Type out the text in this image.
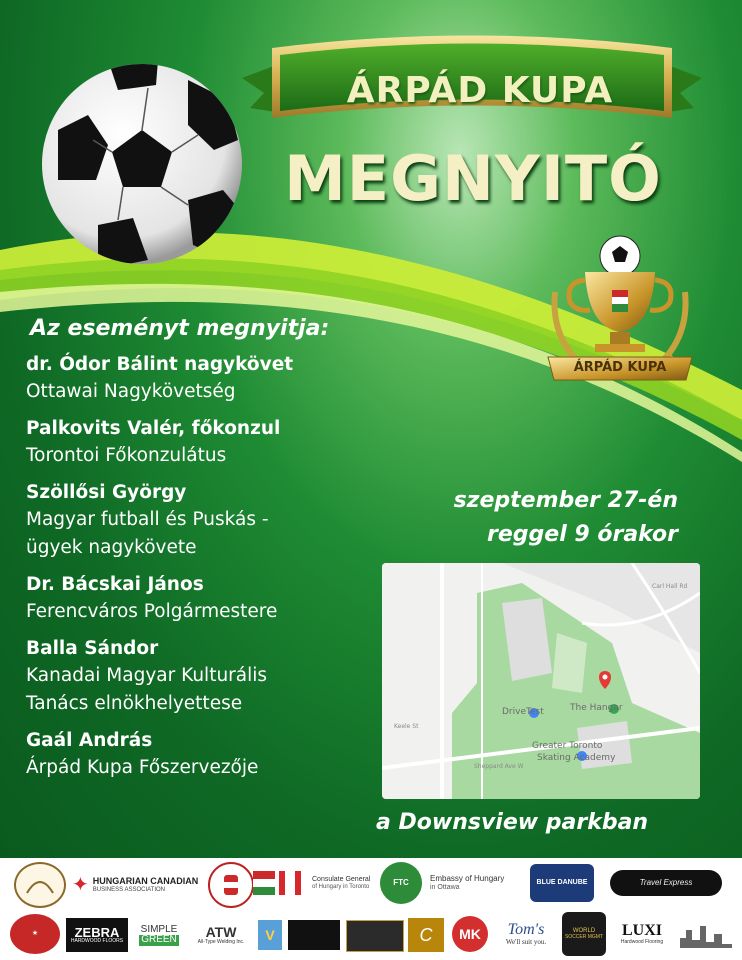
ÁRPÁD KUPA
MEGNYITÓ
ÁRPÁD KUPA
Az eseményt megnyitja:
dr. Ódor Bálint nagykövet
Ottawai Nagykövetség
Palkovits Valér, főkonzul
Torontoi Főkonzulátus
Szöllősi György
Magyar futball és Puskás -
ügyek nagykövete
Dr. Bácskai János
Ferencváros Polgármestere
Balla Sándor
Kanadai Magyar Kulturális
Tanács elnökhelyettese
Gaál András
Árpád Kupa Főszervezője
szeptember 27-én
reggel 9 órakor
DriveTest	The Hangar
Greater Toronto
Skating Academy
Sheppard Ave W
Carl Hall Rd
Keele St
a Downsview parkban
✦ HUNGARIAN CANADIAN
BUSINESS ASSOCIATION
Consulate General
of Hungary in Toronto	FTC	Embassy of Hungary
in Ottawa
BLUE DANUBE	Travel Express
★	ZEBRA
HARDWOOD FLOORS
SIMPLE
GREEN ATW
All-Type Welding Inc.	V	C	MK	Tom's
We'll suit you.
WORLD
SOCCER MGMT LUXI
Hardwood Flooring
